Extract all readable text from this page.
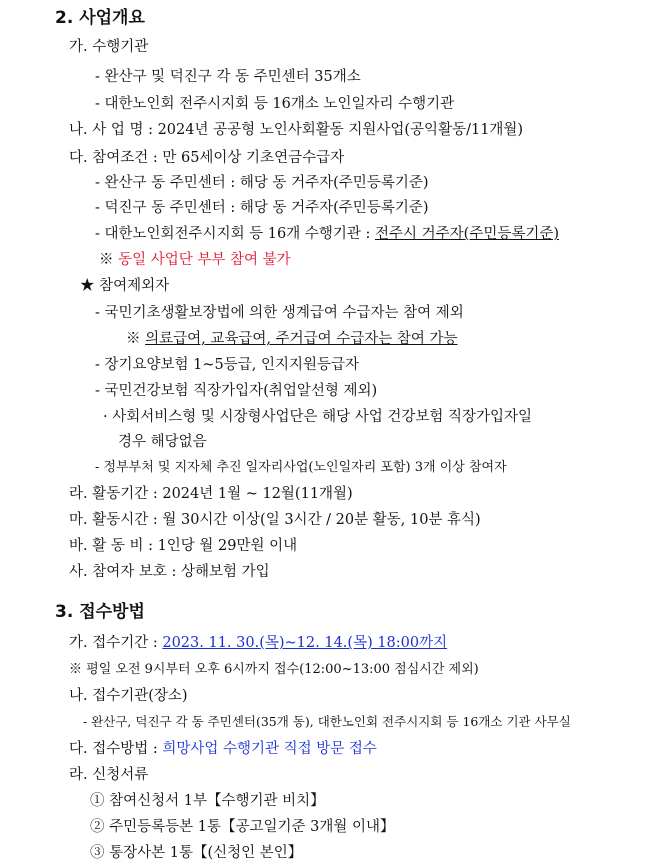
2. 사업개요
가. 수행기관
- 완산구 및 덕진구 각 동 주민센터 35개소
- 대한노인회 전주시지회 등 16개소 노인일자리 수행기관
나. 사 업 명 : 2024년 공공형 노인사회활동 지원사업(공익활동/11개월)
다. 참여조건 : 만 65세이상 기초연금수급자
- 완산구 동 주민센터 : 해당 동 거주자(주민등록기준)
- 덕진구 동 주민센터 : 해당 동 거주자(주민등록기준)
- 대한노인회전주시지회 등 16개 수행기관 : 전주시 거주자(주민등록기준)
※ 동일 사업단 부부 참여 불가
★ 참여제외자
- 국민기초생활보장법에 의한 생계급여 수급자는 참여 제외
※ 의료급여, 교육급여, 주거급여 수급자는 참여 가능
- 장기요양보험 1~5등급, 인지지원등급자
- 국민건강보험 직장가입자(취업알선형 제외)
· 사회서비스형 및 시장형사업단은 해당 사업 건강보험 직장가입자일
경우 해당없음
- 정부부처 및 지자체 추진 일자리사업(노인일자리 포함) 3개 이상 참여자
라. 활동기간 : 2024년 1월 ~ 12월(11개월)
마. 활동시간 : 월 30시간 이상(일 3시간 / 20분 활동, 10분 휴식)
바. 활 동 비 : 1인당 월 29만원 이내
사. 참여자 보호 : 상해보험 가입
3. 접수방법
가. 접수기간 : 2023. 11. 30.(목)~12. 14.(목) 18:00까지
※ 평일 오전 9시부터 오후 6시까지 접수(12:00~13:00 점심시간 제외)
나. 접수기관(장소)
- 완산구, 덕진구 각 동 주민센터(35개 동), 대한노인회 전주시지회 등 16개소 기관 사무실
다. 접수방법 : 희망사업 수행기관 직접 방문 접수
라. 신청서류
① 참여신청서 1부【수행기관 비치】
② 주민등록등본 1통【공고일기준 3개월 이내】
③ 통장사본 1통【(신청인 본인】
